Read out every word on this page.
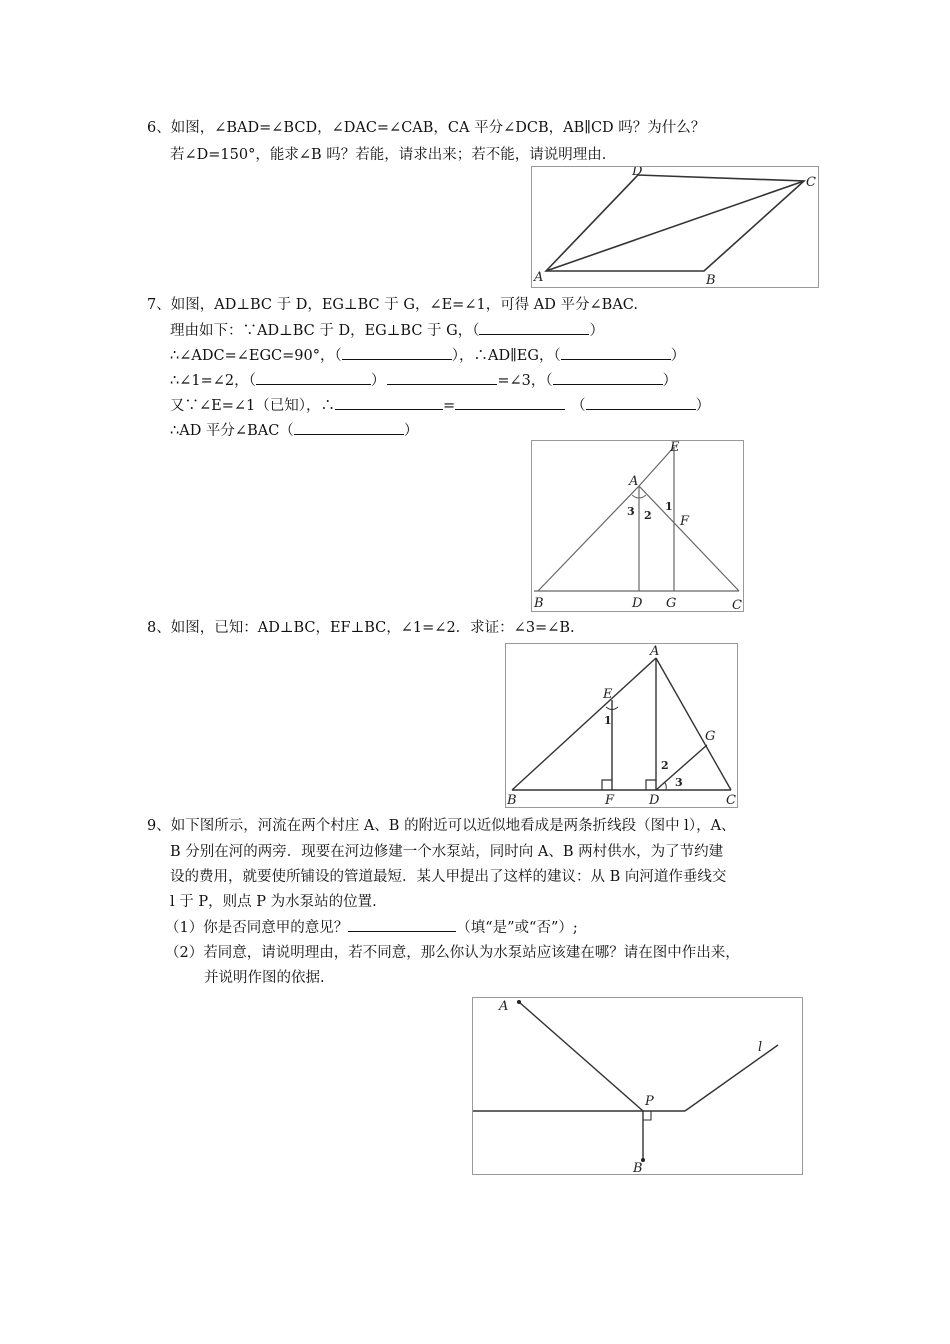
6、如图，∠BAD=∠BCD，∠DAC=∠CAB，CA 平分∠DCB，AB∥CD 吗？为什么？
若∠D=150°，能求∠B 吗？若能，请求出来；若不能，请说明理由.
A
D
C
B
7、如图，AD⊥BC 于 D，EG⊥BC 于 G，∠E=∠1，可得 AD 平分∠BAC.
理由如下：∵AD⊥BC 于 D，EG⊥BC 于 G，（	）
∴∠ADC=∠EGC=90°，（	），∴AD∥EG，（	）
∴∠1=∠2，（	）	=∠3，（	）
又∵∠E=∠1（已知），∴	=	（	）
∴AD 平分∠BAC（	）
A
E
F
B	D G	C
1
2
3
8、如图，已知：AD⊥BC，EF⊥BC，∠1=∠2．求证：∠3=∠B.
A
E
G
B	F	D	C
1
2
3
9、如下图所示，河流在两个村庄 A、B 的附近可以近似地看成是两条折线段（图中 l），A、
B 分别在河的两旁．现要在河边修建一个水泵站，同时向 A、B 两村供水，为了节约建
设的费用，就要使所铺设的管道最短．某人甲提出了这样的建议：从 B 向河道作垂线交
l 于 P，则点 P 为水泵站的位置.
（1）你是否同意甲的意见？	（填“是”或“否”）;
（2）若同意，请说明理由，若不同意，那么你认为水泵站应该建在哪？请在图中作出来，
并说明作图的依据.
A
P
B
l
